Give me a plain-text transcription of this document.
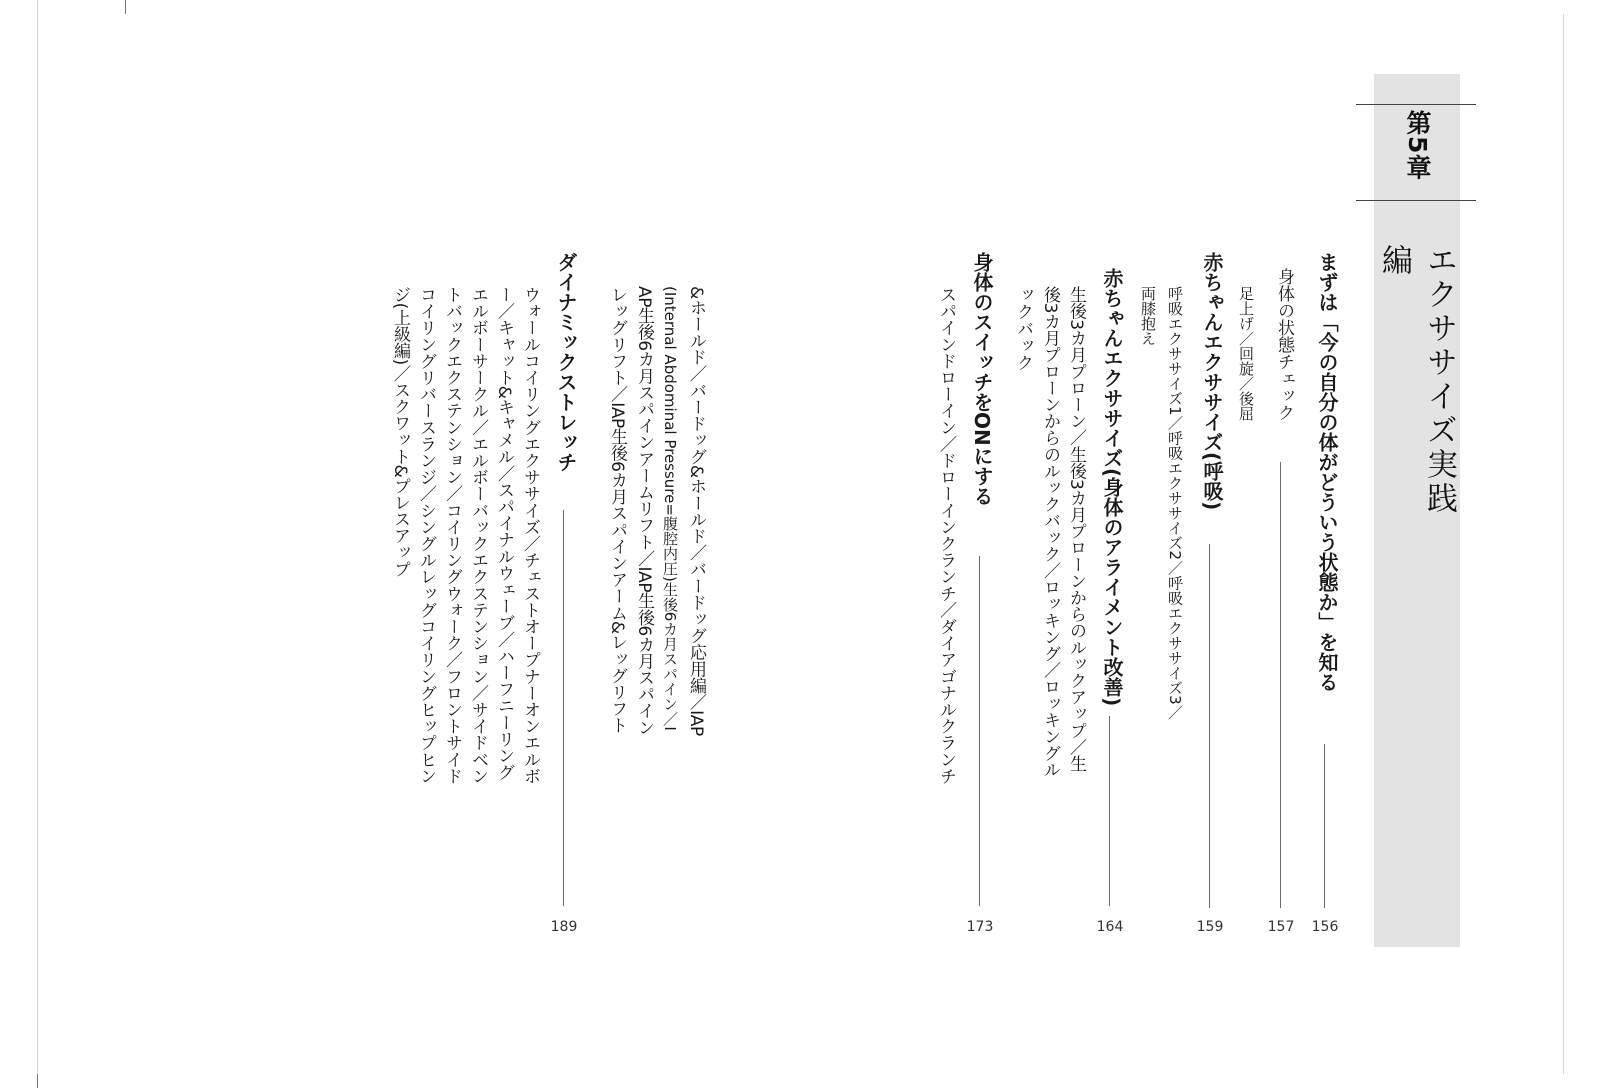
第5章
エクササイズ実践編
まずは「今の自分の体がどういう状態か」を知る
156
身体の状態チェック
157
足上げ／回旋／後屈
赤ちゃんエクササイズ(呼吸)
159
呼吸エクササイズ1／呼吸エクササイズ2／呼吸エクササイズ3／
両膝抱え
赤ちゃんエクササイズ(身体のアライメント改善)
164
生後3カ月プローン／生後3カ月プローンからのルックアップ／生
後3カ月プローンからのルックバック／ロッキング／ロッキングル
ックバック
身体のスイッチをONにする
173
スパインドローイン／ドローインクランチ／ダイアゴナルクランチ
&ホールド／バードッグ&ホールド／バードッグ応用編／IAP
(Internal Abdominal Pressure=腹腔内圧)生後6カ月スパイン／I
AP生後6カ月スパインアームリフト／IAP生後6カ月スパイン
レッグリフト／IAP生後6カ月スパインアーム&レッグリフト
ダイナミックストレッチ
189
ウォールコイリングエクササイズ／チェストオープナーオンエルボ
ー／キャット&キャメル／スパイナルウェーブ／ハーフニーリング
エルボーサークル／エルボーバックエクステンション／サイドベン
トバックエクステンション／コイリングウォーク／フロントサイド
コイリングリバースランジ／シングルレッグコイリングヒップヒン
ジ(上級編)／スクワット&プレスアップ
